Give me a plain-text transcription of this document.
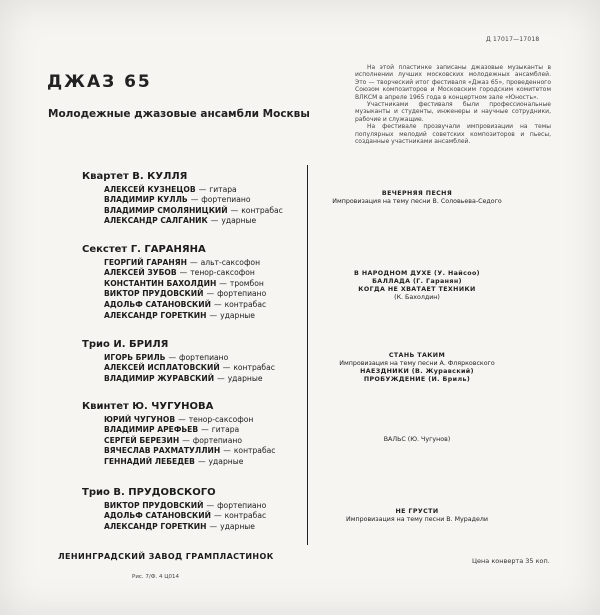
Д 17017—17018
ДЖАЗ 65
Молодежные джазовые ансамбли Москвы

На этой пластинке записаны джазовые музыканты в исполнении лучших московских молодежных ансамблей. Это — творческий итог фестиваля «Джаз 65», проведенного Союзом композиторов и Московским городским комитетом ВЛКСМ в апреле 1965 года в концертном зале «Юность».

Участниками фестиваля были профессиональные музыканты и студенты, инженеры и научные сотрудники, рабочие и служащие.

На фестивале прозвучали импровизации на темы популярных мелодий советских композиторов и пьесы, созданные участниками ансамблей.

Квартет В. КУЛЛЯ
АЛЕКСЕЙ КУЗНЕЦОВ — гитара
ВЛАДИМИР КУЛЛЬ — фортепиано
ВЛАДИМИР СМОЛЯНИЦКИЙ — контрабас
АЛЕКСАНДР САЛГАНИК — ударные
Секстет Г. ГАРАНЯНА
ГЕОРГИЙ ГАРАНЯН — альт-саксофон
АЛЕКСЕЙ ЗУБОВ — тенор-саксофон
КОНСТАНТИН БАХОЛДИН — тромбон
ВИКТОР ПРУДОВСКИЙ — фортепиано
АДОЛЬФ САТАНОВСКИЙ — контрабас
АЛЕКСАНДР ГОРЕТКИН — ударные
Трио И. БРИЛЯ
ИГОРЬ БРИЛЬ — фортепиано
АЛЕКСЕЙ ИСПЛАТОВСКИЙ — контрабас
ВЛАДИМИР ЖУРАВСКИЙ — ударные
Квинтет Ю. ЧУГУНОВА
ЮРИЙ ЧУГУНОВ — тенор-саксофон
ВЛАДИМИР АРЕФЬЕВ — гитара
СЕРГЕЙ БЕРЕЗИН — фортепиано
ВЯЧЕСЛАВ РАХМАТУЛЛИН — контрабас
ГЕННАДИЙ ЛЕБЕДЕВ — ударные
Трио В. ПРУДОВСКОГО
ВИКТОР ПРУДОВСКИЙ — фортепиано
АДОЛЬФ САТАНОВСКИЙ — контрабас
АЛЕКСАНДР ГОРЕТКИН — ударные
ВЕЧЕРНЯЯ ПЕСНЯ
Импровизация на тему песни В. Соловьева-Седого
В НАРОДНОМ ДУХЕ (У. Найсоо)
БАЛЛАДА (Г. Гаранян)
КОГДА НЕ ХВАТАЕТ ТЕХНИКИ
(К. Бахолдин)
СТАНЬ ТАКИМ
Импровизация на тему песни А. Флярковского
НАЕЗДНИКИ (В. Журавский)
ПРОБУЖДЕНИЕ (И. Бриль)
ВАЛЬС (Ю. Чугунов)
НЕ ГРУСТИ
Импровизация на тему песни В. Мурадели
ЛЕНИНГРАДСКИЙ ЗАВОД ГРАМПЛАСТИНОК
Рис. 7/Ф. 4 Ц014
Цена конверта 35 коп.
